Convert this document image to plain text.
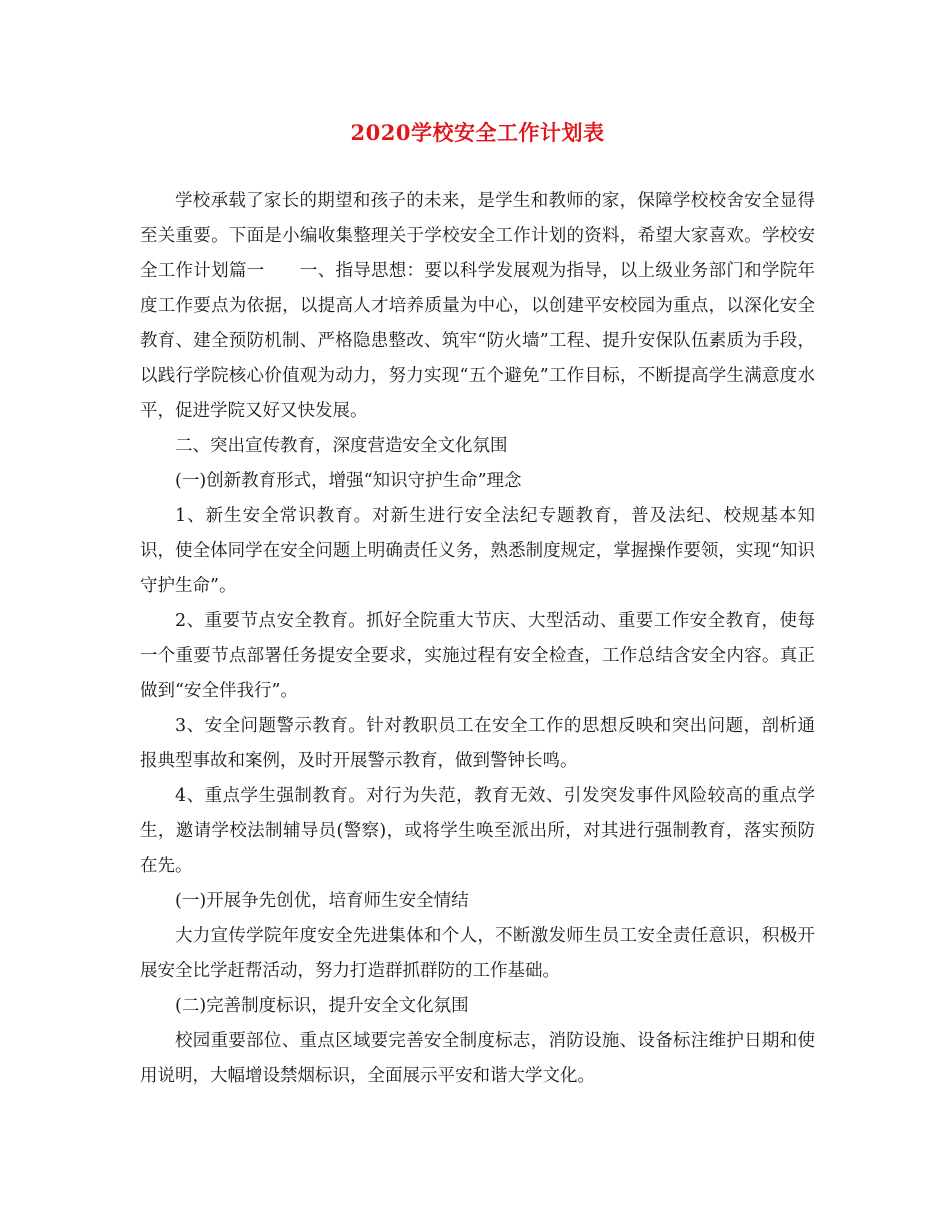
2020学校安全工作计划表

学校承载了家长的期望和孩子的未来，是学生和教师的家，保障学校校舍安全显得至关重要。下面是小编收集整理关于学校安全工作计划的资料，希望大家喜欢。学校安全工作计划篇一　　一、指导思想：要以科学发展观为指导，以上级业务部门和学院年度工作要点为依据，以提高人才培养质量为中心，以创建平安校园为重点，以深化安全教育、建全预防机制、严格隐患整改、筑牢“防火墙”工程、提升安保队伍素质为手段，以践行学院核心价值观为动力，努力实现“五个避免”工作目标，不断提高学生满意度水平，促进学院又好又快发展。

二、突出宣传教育，深度营造安全文化氛围

(一)创新教育形式，增强“知识守护生命”理念

1、新生安全常识教育。对新生进行安全法纪专题教育，普及法纪、校规基本知识，使全体同学在安全问题上明确责任义务，熟悉制度规定，掌握操作要领，实现“知识守护生命”。

2、重要节点安全教育。抓好全院重大节庆、大型活动、重要工作安全教育，使每一个重要节点部署任务提安全要求，实施过程有安全检查，工作总结含安全内容。真正做到“安全伴我行”。

3、安全问题警示教育。针对教职员工在安全工作的思想反映和突出问题，剖析通报典型事故和案例，及时开展警示教育，做到警钟长鸣。

4、重点学生强制教育。对行为失范，教育无效、引发突发事件风险较高的重点学生，邀请学校法制辅导员(警察)，或将学生唤至派出所，对其进行强制教育，落实预防在先。

(一)开展争先创优，培育师生安全情结

大力宣传学院年度安全先进集体和个人，不断激发师生员工安全责任意识，积极开展安全比学赶帮活动，努力打造群抓群防的工作基础。

(二)完善制度标识，提升安全文化氛围

校园重要部位、重点区域要完善安全制度标志，消防设施、设备标注维护日期和使用说明，大幅增设禁烟标识，全面展示平安和谐大学文化。
